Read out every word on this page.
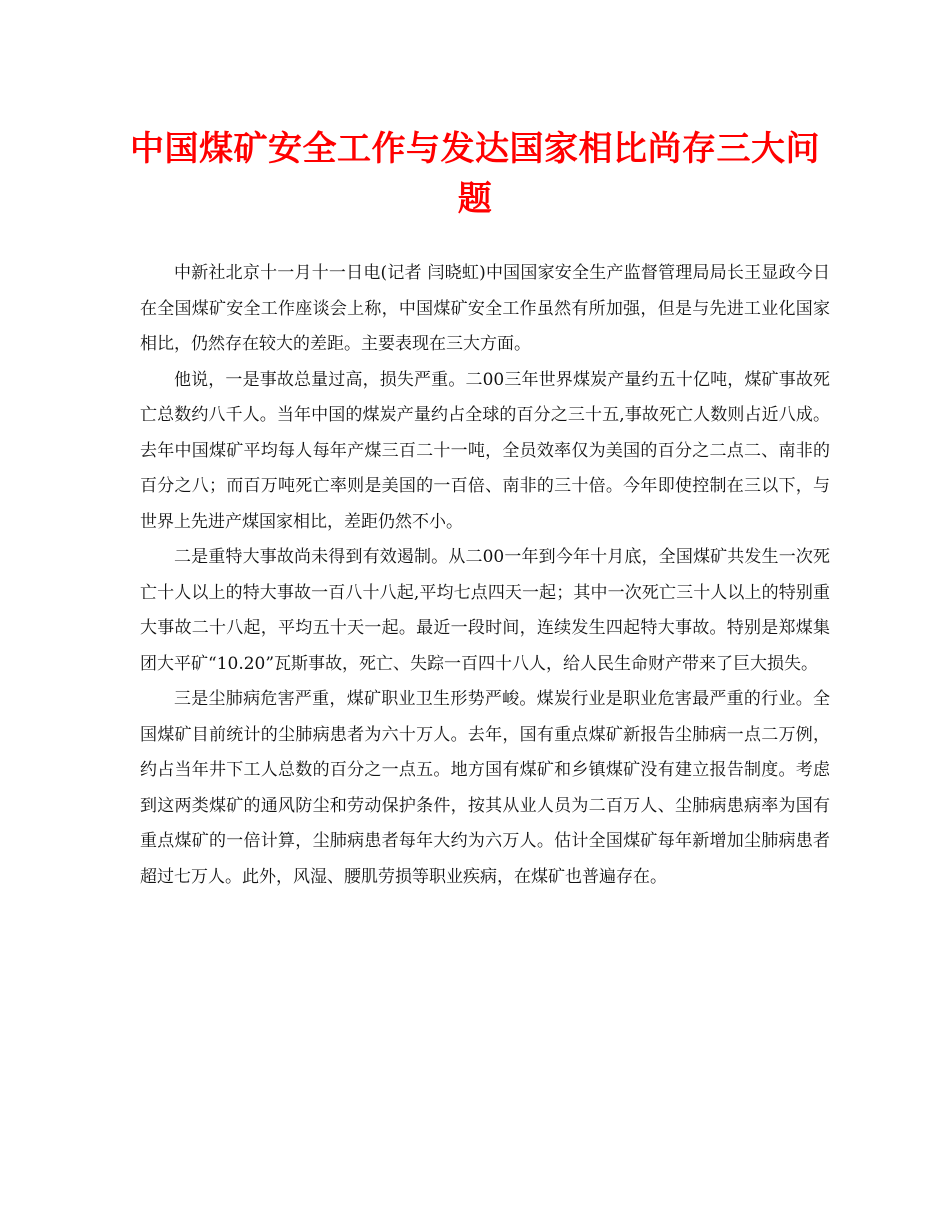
中国煤矿安全工作与发达国家相比尚存三大问题

中新社北京十一月十一日电(记者 闫晓虹)中国国家安全生产监督管理局局长王显政今日在全国煤矿安全工作座谈会上称，中国煤矿安全工作虽然有所加强，但是与先进工业化国家相比，仍然存在较大的差距。主要表现在三大方面。

他说，一是事故总量过高，损失严重。二00三年世界煤炭产量约五十亿吨，煤矿事故死亡总数约八千人。当年中国的煤炭产量约占全球的百分之三十五,事故死亡人数则占近八成。去年中国煤矿平均每人每年产煤三百二十一吨，全员效率仅为美国的百分之二点二、南非的百分之八；而百万吨死亡率则是美国的一百倍、南非的三十倍。今年即使控制在三以下，与世界上先进产煤国家相比，差距仍然不小。

二是重特大事故尚未得到有效遏制。从二00一年到今年十月底，全国煤矿共发生一次死亡十人以上的特大事故一百八十八起,平均七点四天一起；其中一次死亡三十人以上的特别重大事故二十八起，平均五十天一起。最近一段时间，连续发生四起特大事故。特别是郑煤集团大平矿“10.20”瓦斯事故，死亡、失踪一百四十八人，给人民生命财产带来了巨大损失。

三是尘肺病危害严重，煤矿职业卫生形势严峻。煤炭行业是职业危害最严重的行业。全国煤矿目前统计的尘肺病患者为六十万人。去年，国有重点煤矿新报告尘肺病一点二万例，约占当年井下工人总数的百分之一点五。地方国有煤矿和乡镇煤矿没有建立报告制度。考虑到这两类煤矿的通风防尘和劳动保护条件，按其从业人员为二百万人、尘肺病患病率为国有重点煤矿的一倍计算，尘肺病患者每年大约为六万人。估计全国煤矿每年新增加尘肺病患者超过七万人。此外，风湿、腰肌劳损等职业疾病，在煤矿也普遍存在。
